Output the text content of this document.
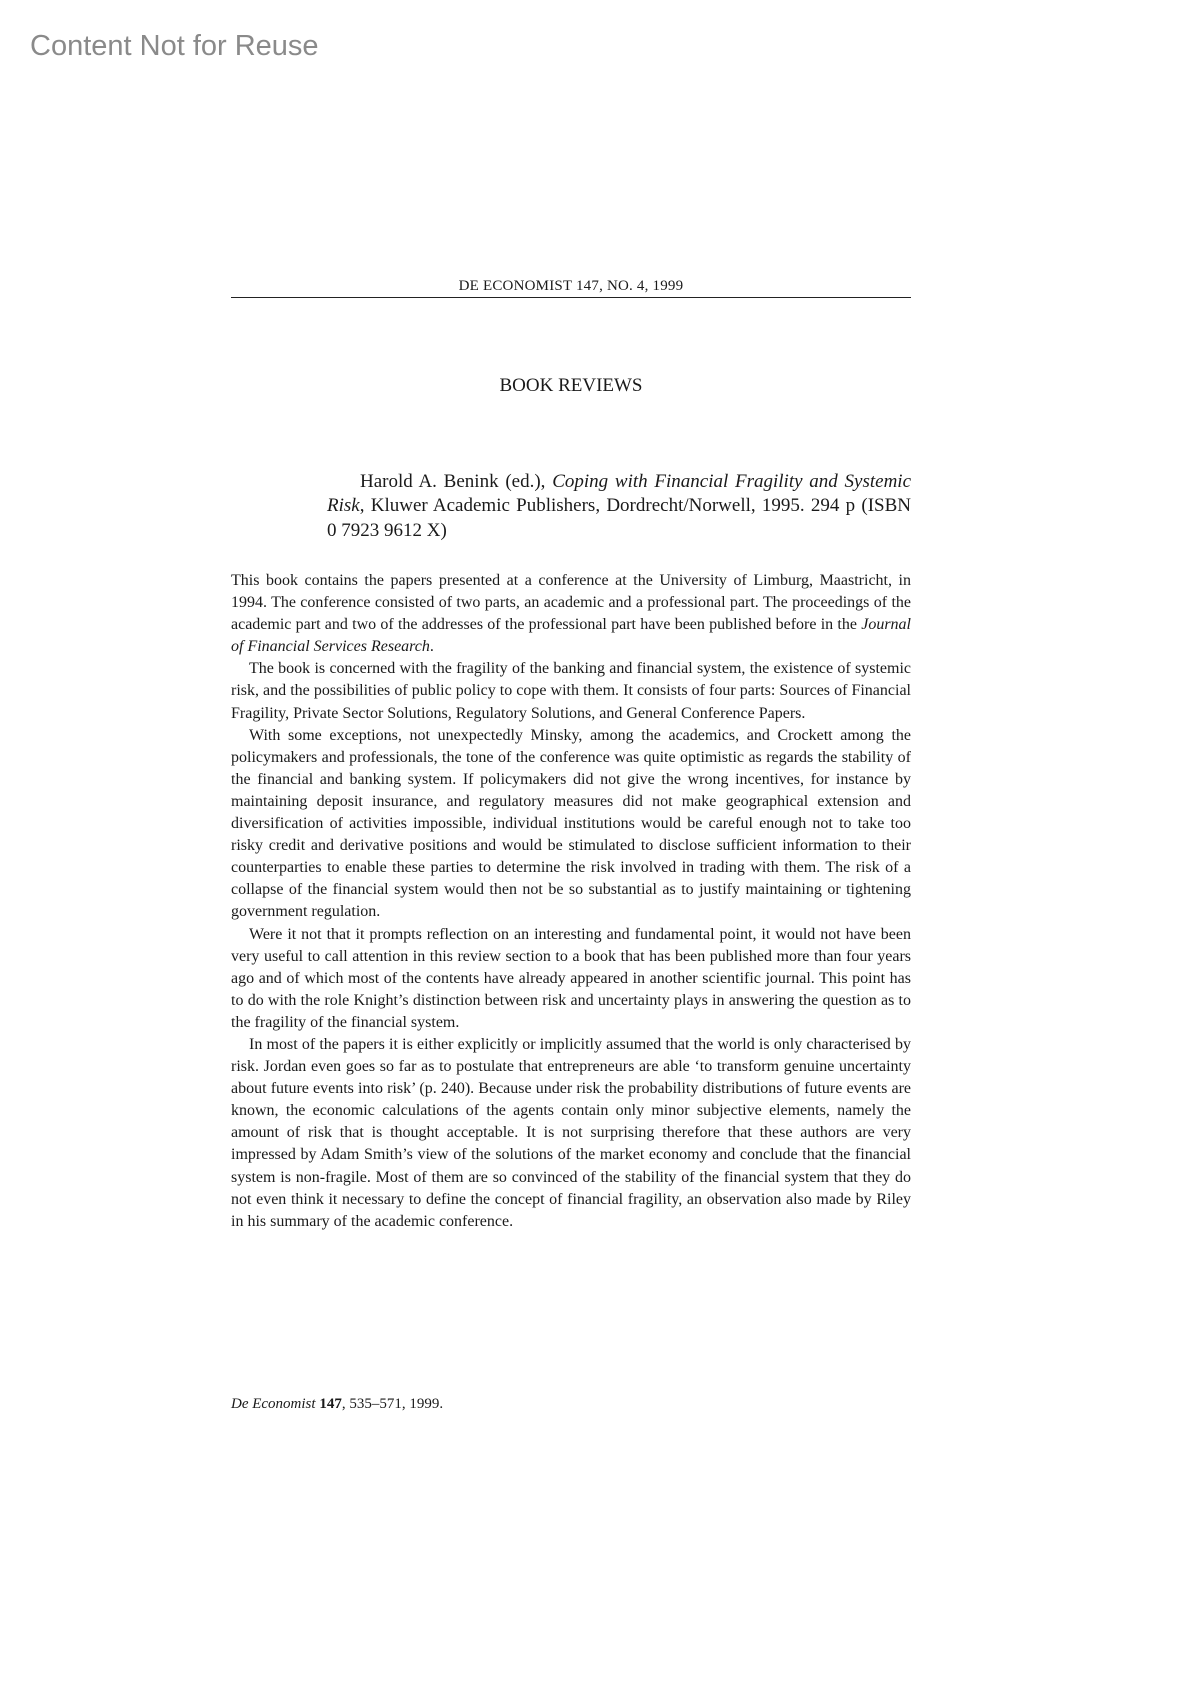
Content Not for Reuse
DE ECONOMIST 147, NO. 4, 1999
BOOK REVIEWS

Harold A. Benink (ed.), Coping with Financial Fragility and Systemic Risk, Kluwer Academic Publishers, Dordrecht/Norwell, 1995. 294 p (ISBN 0 7923 9612 X)

This book contains the papers presented at a conference at the University of Limburg, Maastricht, in 1994. The conference consisted of two parts, an academic and a professional part. The proceedings of the academic part and two of the addresses of the professional part have been published before in the Journal of Financial Services Research.

The book is concerned with the fragility of the banking and financial system, the existence of systemic risk, and the possibilities of public policy to cope with them. It consists of four parts: Sources of Financial Fragility, Private Sector Solutions, Regulatory Solutions, and General Conference Papers.

With some exceptions, not unexpectedly Minsky, among the academics, and Crockett among the policymakers and professionals, the tone of the conference was quite optimistic as regards the stability of the financial and banking system. If policymakers did not give the wrong incentives, for instance by maintaining deposit insurance, and regulatory measures did not make geographical extension and diversification of activities impossible, individual institutions would be careful enough not to take too risky credit and derivative positions and would be stimulated to disclose sufficient information to their counterparties to enable these parties to determine the risk involved in trading with them. The risk of a collapse of the financial system would then not be so substantial as to justify maintaining or tightening government regulation.

Were it not that it prompts reflection on an interesting and fundamental point, it would not have been very useful to call attention in this review section to a book that has been published more than four years ago and of which most of the contents have already appeared in another scientific journal. This point has to do with the role Knight’s distinction between risk and uncertainty plays in answering the question as to the fragility of the financial system.

In most of the papers it is either explicitly or implicitly assumed that the world is only characterised by risk. Jordan even goes so far as to postulate that entrepreneurs are able ‘to transform genuine uncertainty about future events into risk’ (p. 240). Because under risk the probability distributions of future events are known, the economic calculations of the agents contain only minor subjective elements, namely the amount of risk that is thought acceptable. It is not surprising therefore that these authors are very impressed by Adam Smith’s view of the solutions of the market economy and conclude that the financial system is non-fragile. Most of them are so convinced of the stability of the financial system that they do not even think it necessary to define the concept of financial fragility, an observation also made by Riley in his summary of the academic conference.

De Economist 147, 535–571, 1999.
